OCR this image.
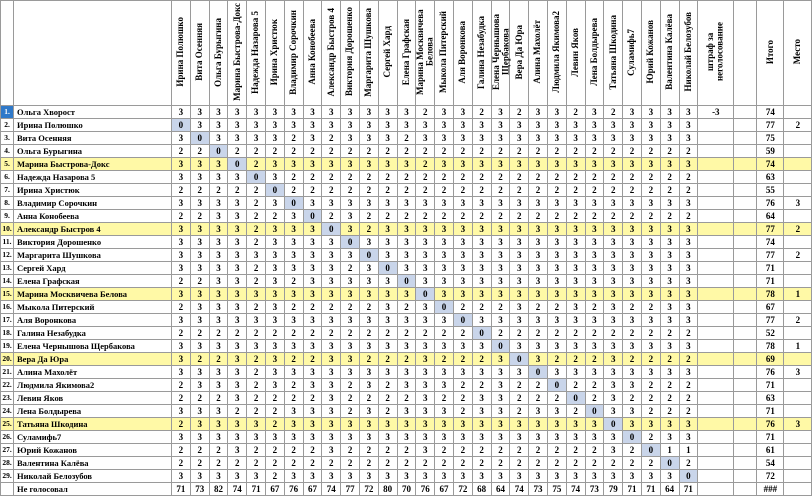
		Ирина Полюшко	Вита Осенняя	Ольга Бурыгина	Марина Быстрова-Докс	Надежда Назарова 5	Ирина Христюк	Владимир Сорочкин	Анна Конобеева	Александр Быстров 4	Виктория Дорошенко	Маргарита Шушкова	Сергей Хард	Елена Графская	Марина Москвичева Белова	Мыкола Питерский	Аля Воронкова	Галина Незабудка	Елена Чернышова Щербакова	Вера Да Юра	Алина Махолёт	Людмила Якимова2	Левин Яков	Лена Болдырева	Татьяна Шкодина	Суламифь7	Юрий Кожанов	Валентина Калёва	Николай Белозубов	штраф за неголосование		Итого	Место
1.	Ольга Хворост	3	3	3	3	3	3	3	3	3	3	3	3	3	2	3	3	2	3	2	3	3	2	3	2	3	3	3	3	-3		74	
2.	Ирина Полюшко	0	3	3	3	3	3	3	3	3	3	3	3	3	3	3	3	3	3	3	3	3	3	3	3	3	3	3	3			77	2
3.	Вита Осенняя	3	0	3	3	3	3	2	3	2	3	3	3	2	3	3	3	3	3	3	3	3	3	3	3	3	3	3	3			75	
4.	Ольга Бурыгина	2	2	0	2	2	2	2	2	2	2	2	2	2	2	2	2	2	2	2	2	2	2	2	2	2	2	2	2			59	
5.	Марина Быстрова-Докс	3	3	3	0	2	3	3	3	3	3	3	3	3	2	3	3	3	3	3	3	3	3	3	3	3	3	3	3			74	
6.	Надежда Назарова 5	3	3	3	3	0	3	2	2	2	2	2	2	2	2	2	2	2	2	2	2	2	2	2	2	2	2	2	2			63	
7.	Ирина Христюк	2	2	2	2	2	0	2	2	2	2	2	2	2	2	2	2	2	2	2	2	2	2	2	2	2	2	2	2			55	
8.	Владимир Сорочкин	3	3	3	3	2	3	0	3	3	3	3	3	3	3	3	3	3	3	3	3	3	3	3	3	3	3	3	3			76	3
9.	Анна Конобеева	2	2	3	3	2	2	3	0	2	3	2	2	2	2	2	2	2	2	2	2	2	2	2	2	2	2	2	2			64	
10.	Александр Быстров 4	3	3	3	3	2	3	3	3	0	3	2	3	3	3	3	3	3	3	3	3	3	3	3	3	3	3	3	3			77	2
11.	Виктория Дорошенко	3	3	3	3	2	3	3	3	3	0	3	3	3	3	3	3	3	3	3	3	3	3	3	3	3	3	3	3			74	
12.	Маргарита Шушкова	3	3	3	3	3	3	3	3	3	3	0	3	3	3	3	3	3	3	3	3	3	3	3	3	3	3	3	3			77	2
13.	Сергей Хард	3	3	3	3	2	3	3	3	3	2	3	0	3	3	3	3	3	3	3	3	3	3	3	3	3	3	3	3			71	
14.	Елена Графская	2	2	3	3	2	3	2	3	3	3	3	3	0	3	3	3	3	3	3	3	3	3	3	3	3	3	3	3			71	
15.	Марина Москвичева Белова	3	3	3	3	3	3	3	3	3	3	3	3	3	0	3	3	3	3	3	3	3	3	3	3	3	3	3	3			78	1
16.	Мыкола Питерский	2	3	3	3	2	3	2	2	2	2	2	3	2	3	0	2	2	2	3	2	2	3	2	3	2	2	3	3			67	
17.	Аля Воронкова	3	3	3	3	3	3	3	3	3	3	3	3	3	3	3	0	3	3	3	3	3	3	3	3	3	3	3	3			77	2
18.	Галина Незабудка	2	2	2	2	2	2	2	2	2	2	2	2	2	2	2	2	0	2	2	2	2	2	2	2	2	2	2	2			52	
19.	Елена Чернышова Щербакова	3	3	3	3	3	3	3	3	3	3	3	3	3	3	3	3	3	0	3	3	3	3	3	3	3	3	3	3			78	1
20.	Вера Да Юра	3	2	2	3	2	3	2	2	3	3	2	2	2	3	2	2	2	3	0	3	2	2	2	3	2	2	2	2			69	
21.	Алина Махолёт	3	3	3	3	2	3	3	3	3	3	3	3	3	3	3	3	3	3	3	0	3	3	3	3	3	3	3	3			76	3
22.	Людмила Якимова2	2	3	3	3	2	3	2	3	3	2	3	2	3	3	3	2	2	3	2	2	0	2	2	3	3	2	2	2			71	
23.	Левин Яков	2	2	2	3	2	2	2	2	3	2	2	2	2	3	2	2	3	3	2	2	2	0	2	3	2	2	2	2			63	
24.	Лена Болдырева	3	3	3	2	2	2	3	3	3	2	3	2	3	3	3	2	3	3	2	3	3	2	0	3	3	2	2	2			71	
25.	Татьяна Шкодина	2	3	3	3	3	2	3	3	3	3	3	3	3	3	3	3	3	3	3	3	3	3	3	0	3	3	3	3			76	3
26.	Суламифь7	3	3	3	3	3	3	3	3	3	3	3	3	3	3	3	3	3	3	3	3	3	3	3	3	0	2	3	3			71	
27.	Юрий Кожанов	2	2	2	3	2	2	2	2	3	2	2	2	2	3	2	2	2	2	2	2	2	2	2	3	2	0	1	1			61	
28.	Валентина Калёва	2	2	2	2	2	2	2	2	2	2	2	2	2	2	2	2	2	2	2	2	2	2	2	2	2	2	0	2			54	
29.	Николай Белозубов	3	3	3	3	3	2	3	3	3	3	3	3	3	3	3	3	3	3	3	3	3	3	3	3	3	3	3	0			72	
	Не голосовал	71	73	82	74	71	67	76	67	74	77	72	80	70	76	67	72	68	64	74	73	75	74	73	79	71	71	64	71			###	
